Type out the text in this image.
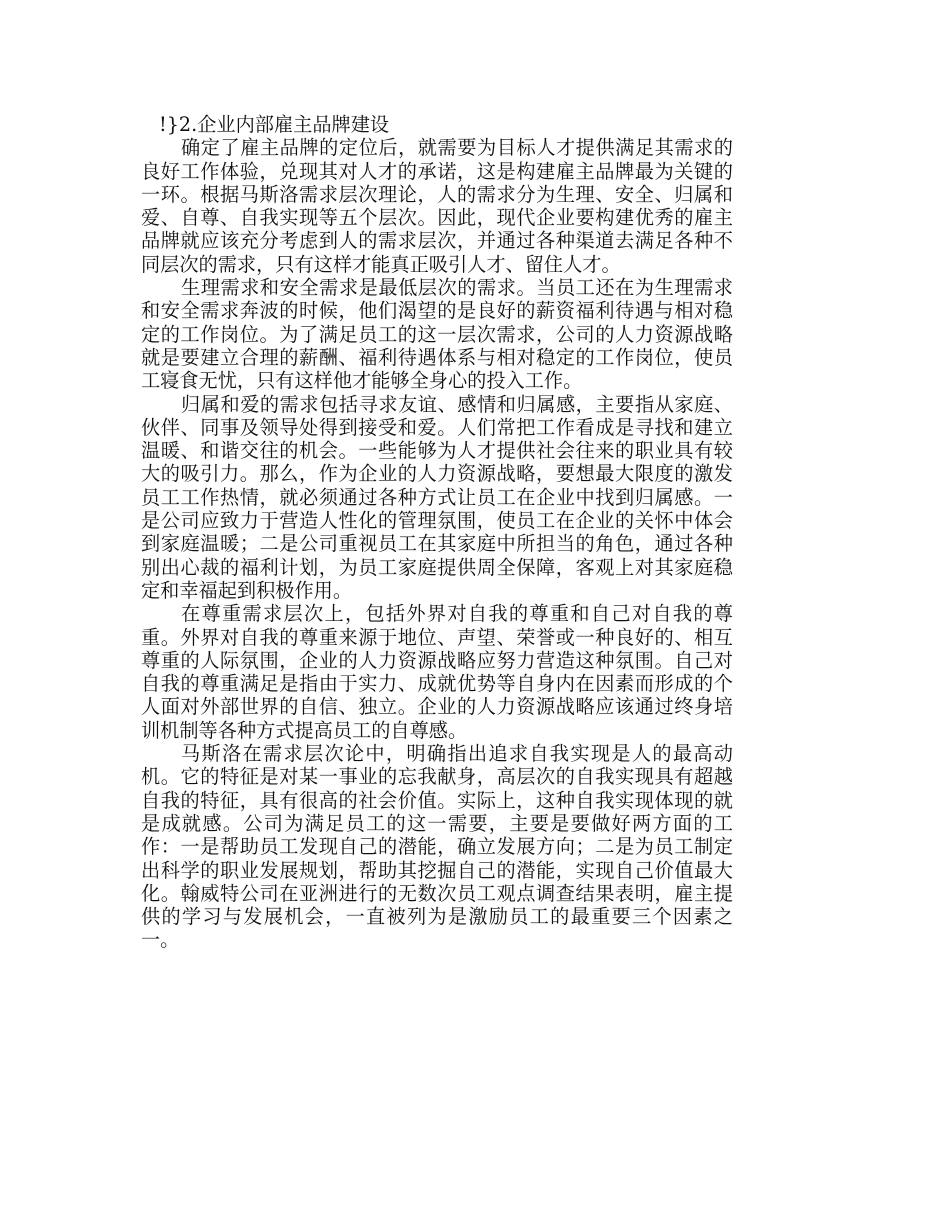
!}2.企业内部雇主品牌建设

确定了雇主品牌的定位后，就需要为目标人才提供满足其需求的良好工作体验，兑现其对人才的承诺，这是构建雇主品牌最为关键的一环。根据马斯洛需求层次理论，人的需求分为生理、安全、归属和爱、自尊、自我实现等五个层次。因此，现代企业要构建优秀的雇主品牌就应该充分考虑到人的需求层次，并通过各种渠道去满足各种不同层次的需求，只有这样才能真正吸引人才、留住人才。

生理需求和安全需求是最低层次的需求。当员工还在为生理需求和安全需求奔波的时候，他们渴望的是良好的薪资福利待遇与相对稳定的工作岗位。为了满足员工的这一层次需求，公司的人力资源战略就是要建立合理的薪酬、福利待遇体系与相对稳定的工作岗位，使员工寝食无忧，只有这样他才能够全身心的投入工作。

归属和爱的需求包括寻求友谊、感情和归属感，主要指从家庭、伙伴、同事及领导处得到接受和爱。人们常把工作看成是寻找和建立温暖、和谐交往的机会。一些能够为人才提供社会往来的职业具有较大的吸引力。那么，作为企业的人力资源战略，要想最大限度的激发员工工作热情，就必须通过各种方式让员工在企业中找到归属感。一是公司应致力于营造人性化的管理氛围，使员工在企业的关怀中体会到家庭温暖；二是公司重视员工在其家庭中所担当的角色，通过各种别出心裁的福利计划，为员工家庭提供周全保障，客观上对其家庭稳定和幸福起到积极作用。

在尊重需求层次上，包括外界对自我的尊重和自己对自我的尊重。外界对自我的尊重来源于地位、声望、荣誉或一种良好的、相互尊重的人际氛围，企业的人力资源战略应努力营造这种氛围。自己对自我的尊重满足是指由于实力、成就优势等自身内在因素而形成的个人面对外部世界的自信、独立。企业的人力资源战略应该通过终身培训机制等各种方式提高员工的自尊感。

马斯洛在需求层次论中，明确指出追求自我实现是人的最高动机。它的特征是对某一事业的忘我献身，高层次的自我实现具有超越自我的特征，具有很高的社会价值。实际上，这种自我实现体现的就是成就感。公司为满足员工的这一需要，主要是要做好两方面的工作：一是帮助员工发现自己的潜能，确立发展方向；二是为员工制定出科学的职业发展规划，帮助其挖掘自己的潜能，实现自己价值最大化。翰威特公司在亚洲进行的无数次员工观点调查结果表明，雇主提供的学习与发展机会，一直被列为是激励员工的最重要三个因素之一。
